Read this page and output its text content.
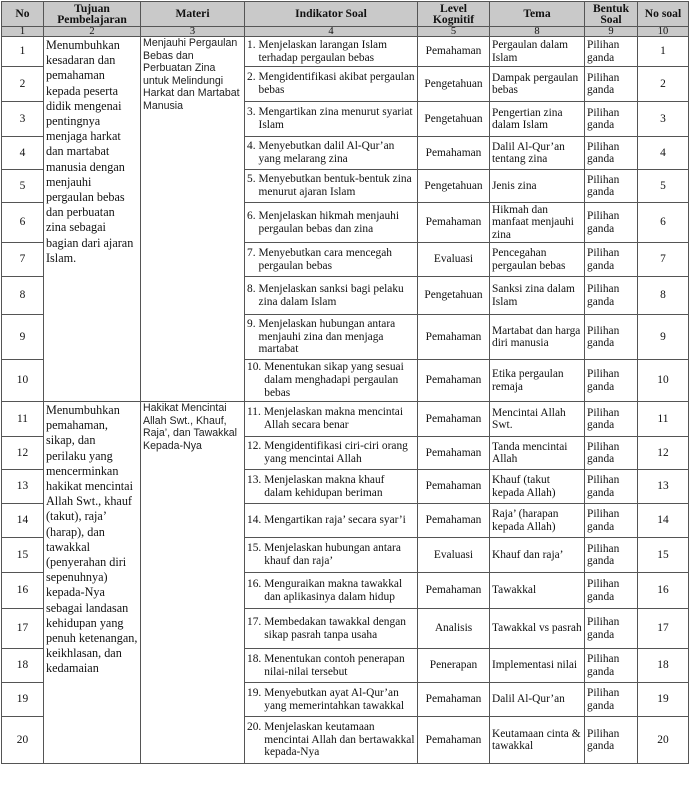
No	Tujuan Pembelajaran	Materi	Indikator Soal	Level Kognitif	Tema	Bentuk Soal	No soal
1	2	3	4	5	8	9	10
1	Menumbuhkan kesadaran dan pemahaman kepada peserta didik mengenai pentingnya menjaga harkat dan martabat manusia dengan menjauhi pergaulan bebas dan perbuatan zina sebagai bagian dari ajaran Islam.	Menjauhi Pergaulan Bebas dan Perbuatan Zina untuk Melindungi Harkat dan Martabat Manusia	1. Menjelaskan larangan Islam terhadap pergaulan bebas	Pemahaman	Pergaulan dalam Islam	Pilihan ganda	1
2			2. Mengidentifikasi akibat pergaulan bebas	Pengetahuan	Dampak pergaulan bebas	Pilihan ganda	2
3			3. Mengartikan zina menurut syariat Islam	Pengetahuan	Pengertian zina dalam Islam	Pilihan ganda	3
4			4. Menyebutkan dalil Al-Qur’an yang melarang zina	Pemahaman	Dalil Al-Qur’an tentang zina	Pilihan ganda	4
5			5. Menyebutkan bentuk-bentuk zina menurut ajaran Islam	Pengetahuan	Jenis zina	Pilihan ganda	5
6			6. Menjelaskan hikmah menjauhi pergaulan bebas dan zina	Pemahaman	Hikmah dan manfaat menjauhi zina	Pilihan ganda	6
7			7. Menyebutkan cara mencegah pergaulan bebas	Evaluasi	Pencegahan pergaulan bebas	Pilihan ganda	7
8			8. Menjelaskan sanksi bagi pelaku zina dalam Islam	Pengetahuan	Sanksi zina dalam Islam	Pilihan ganda	8
9			9. Menjelaskan hubungan antara menjauhi zina dan menjaga martabat	Pemahaman	Martabat dan harga diri manusia	Pilihan ganda	9
10			10. Menentukan sikap yang sesuai dalam menghadapi pergaulan bebas	Pemahaman	Etika pergaulan remaja	Pilihan ganda	10
11	Menumbuhkan pemahaman, sikap, dan perilaku yang mencerminkan hakikat mencintai Allah Swt., khauf (takut), raja’ (harap), dan tawakkal (penyerahan diri sepenuhnya) kepada-Nya sebagai landasan kehidupan yang penuh ketenangan, keikhlasan, dan kedamaian	Hakikat Mencintai Allah Swt., Khauf, Raja’, dan Tawakkal Kepada-Nya	11. Menjelaskan makna mencintai Allah secara benar	Pemahaman	Mencintai Allah Swt.	Pilihan ganda	11
12			12. Mengidentifikasi ciri-ciri orang yang mencintai Allah	Pemahaman	Tanda mencintai Allah	Pilihan ganda	12
13			13. Menjelaskan makna khauf dalam kehidupan beriman	Pemahaman	Khauf (takut kepada Allah)	Pilihan ganda	13
14			14. Mengartikan raja’ secara syar’i	Pemahaman	Raja’ (harapan kepada Allah)	Pilihan ganda	14
15			15. Menjelaskan hubungan antara khauf dan raja’	Evaluasi	Khauf dan raja’	Pilihan ganda	15
16			16. Menguraikan makna tawakkal dan aplikasinya dalam hidup	Pemahaman	Tawakkal	Pilihan ganda	16
17			17. Membedakan tawakkal dengan sikap pasrah tanpa usaha	Analisis	Tawakkal vs pasrah	Pilihan ganda	17
18			18. Menentukan contoh penerapan nilai-nilai tersebut	Penerapan	Implementasi nilai	Pilihan ganda	18
19			19. Menyebutkan ayat Al-Qur’an yang memerintahkan tawakkal	Pemahaman	Dalil Al-Qur’an	Pilihan ganda	19
20			20. Menjelaskan keutamaan mencintai Allah dan bertawakkal kepada-Nya	Pemahaman	Keutamaan cinta & tawakkal	Pilihan ganda	20
